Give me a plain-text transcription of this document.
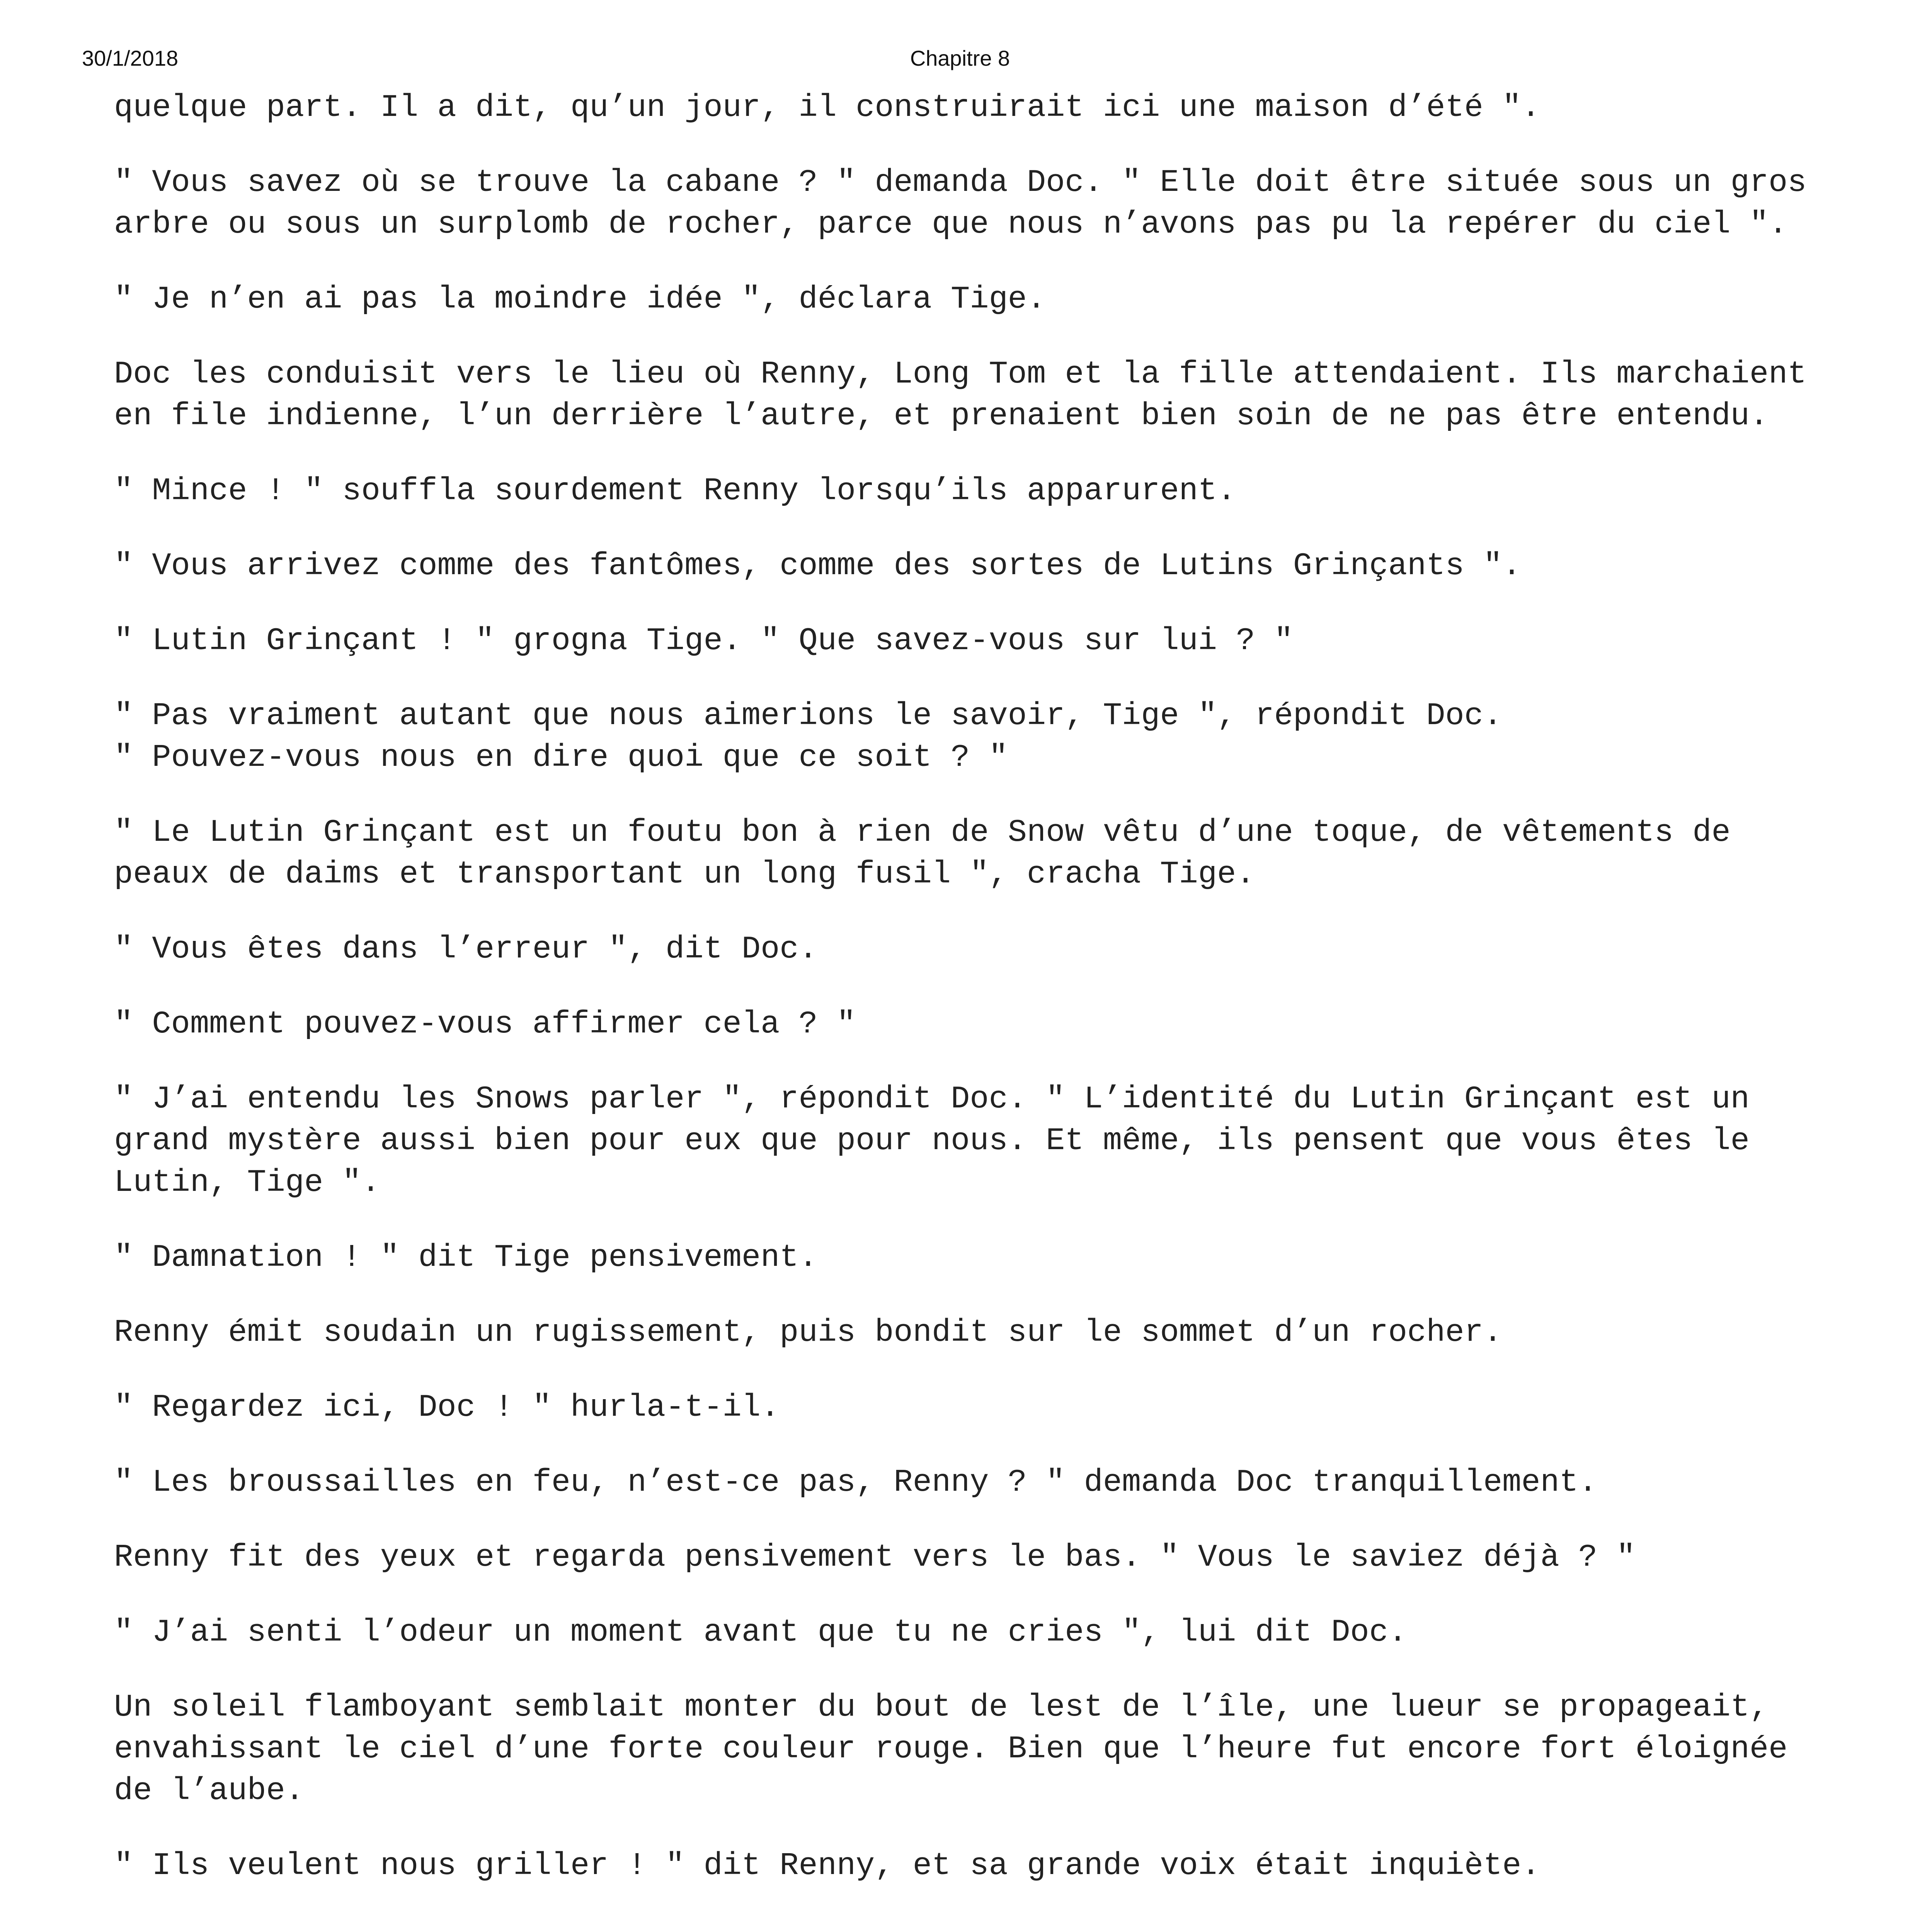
30/1/2018	Chapitre 8

quelque part. Il a dit, qu’un jour, il construirait ici une maison d’été ".

" Vous savez où se trouve la cabane ? " demanda Doc. " Elle doit être située sous un gros arbre ou sous un surplomb de rocher, parce que nous n’avons pas pu la repérer du ciel ".

" Je n’en ai pas la moindre idée ", déclara Tige.

Doc les conduisit vers le lieu où Renny, Long Tom et la fille attendaient. Ils marchaient en file indienne, l’un derrière l’autre, et prenaient bien soin de ne pas être entendu.

" Mince ! " souffla sourdement Renny lorsqu’ils apparurent.

" Vous arrivez comme des fantômes, comme des sortes de Lutins Grinçants ".

" Lutin Grinçant ! " grogna Tige. " Que savez-vous sur lui ? "

" Pas vraiment autant que nous aimerions le savoir, Tige ", répondit Doc.
" Pouvez-vous nous en dire quoi que ce soit ? "

" Le Lutin Grinçant est un foutu bon à rien de Snow vêtu d’une toque, de vêtements de peaux de daims et transportant un long fusil ", cracha Tige.

" Vous êtes dans l’erreur ", dit Doc.

" Comment pouvez-vous affirmer cela ? "

" J’ai entendu les Snows parler ", répondit Doc. " L’identité du Lutin Grinçant est un grand mystère aussi bien pour eux que pour nous. Et même, ils pensent que vous êtes le Lutin, Tige ".

" Damnation ! " dit Tige pensivement.

Renny émit soudain un rugissement, puis bondit sur le sommet d’un rocher.

" Regardez ici, Doc ! " hurla-t-il.

" Les broussailles en feu, n’est-ce pas, Renny ? " demanda Doc tranquillement.

Renny fit des yeux et regarda pensivement vers le bas. " Vous le saviez déjà ? "

" J’ai senti l’odeur un moment avant que tu ne cries ", lui dit Doc.

Un soleil flamboyant semblait monter du bout de lest de l’île, une lueur se propageait, envahissant le ciel d’une forte couleur rouge. Bien que l’heure fut encore fort éloignée de l’aube.

" Ils veulent nous griller ! " dit Renny, et sa grande voix était inquiète.
